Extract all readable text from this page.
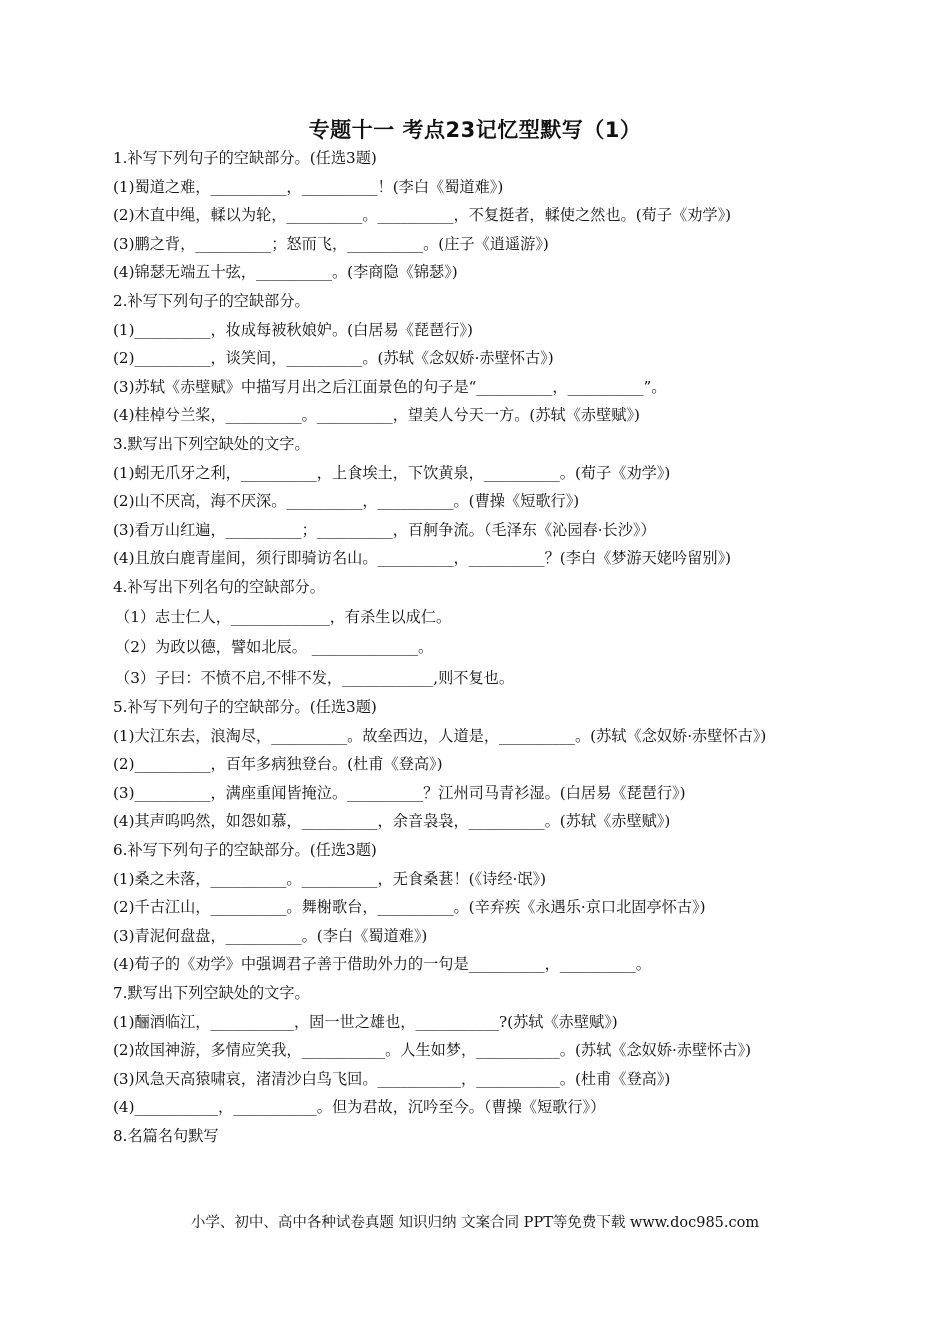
专题十一 考点23记忆型默写（1）
1.补写下列句子的空缺部分。(任选3题)
(1)蜀道之难，__________，__________！(李白《蜀道难》)
(2)木直中绳，輮以为轮，__________。__________，不复挺者，輮使之然也。(荀子《劝学》)
(3)鹏之背，__________；怒而飞，__________。(庄子《逍遥游》)
(4)锦瑟无端五十弦，__________。(李商隐《锦瑟》)
2.补写下列句子的空缺部分。
(1)__________，妆成每被秋娘妒。(白居易《琵琶行》)
(2)__________，谈笑间，__________。(苏轼《念奴娇·赤壁怀古》)
(3)苏轼《赤壁赋》中描写月出之后江面景色的句子是“__________，__________”。
(4)桂棹兮兰桨，__________。__________，望美人兮天一方。(苏轼《赤壁赋》)
3.默写出下列空缺处的文字。
(1)蚓无爪牙之利，__________，上食埃土，下饮黄泉，__________。(荀子《劝学》)
(2)山不厌高，海不厌深。__________，__________。(曹操《短歌行》)
(3)看万山红遍，__________；__________，百舸争流。（毛泽东《沁园春·长沙》）
(4)且放白鹿青崖间，须行即骑访名山。__________，__________？(李白《梦游天姥吟留别》)
4.补写出下列名句的空缺部分。
（1）志士仁人，_____________，有杀生以成仁。
（2）为政以德，譬如北辰。 ______________。
（3）子曰：不愤不启,不悱不发，____________,则不复也。
5.补写下列句子的空缺部分。(任选3题)
(1)大江东去，浪淘尽，__________。故垒西边，人道是，__________。(苏轼《念奴娇·赤壁怀古》)
(2)__________，百年多病独登台。(杜甫《登高》)
(3)__________，满座重闻皆掩泣。__________？江州司马青衫湿。(白居易《琵琶行》)
(4)其声呜呜然，如怨如慕，__________，余音袅袅，__________。(苏轼《赤壁赋》)
6.补写下列句子的空缺部分。(任选3题)
(1)桑之未落，__________。__________，无食桑葚！(《诗经·氓》)
(2)千古江山，__________。舞榭歌台，__________。(辛弃疾《永遇乐·京口北固亭怀古》)
(3)青泥何盘盘，__________。(李白《蜀道难》)
(4)荀子的《劝学》中强调君子善于借助外力的一句是__________，__________。
7.默写出下列空缺处的文字。
(1)酾酒临江，___________，固一世之雄也，___________?(苏轼《赤壁赋》)
(2)故国神游，多情应笑我，___________。人生如梦，___________。(苏轼《念奴娇·赤壁怀古》)
(3)风急天高猿啸哀，渚清沙白鸟飞回。___________，___________。(杜甫《登高》)
(4)___________，___________。但为君故，沉吟至今。（曹操《短歌行》）
8.名篇名句默写
小学、初中、高中各种试卷真题 知识归纳 文案合同 PPT等免费下载 www.doc985.com
